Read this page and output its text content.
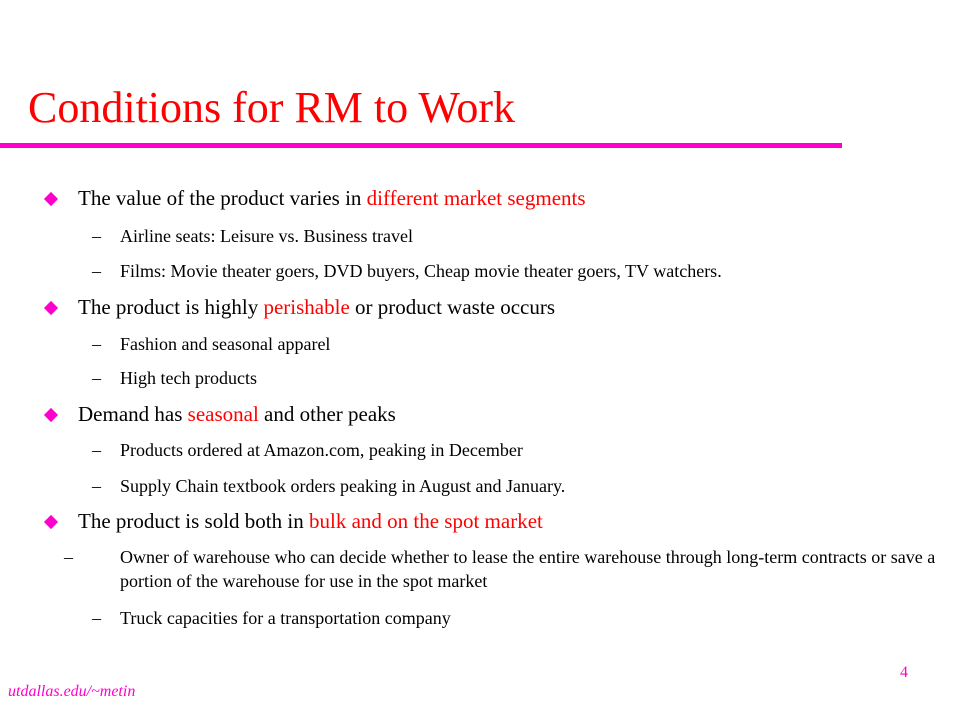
Conditions for RM to Work
The value of the product varies in different market segments
– Airline seats: Leisure vs. Business travel
– Films: Movie theater goers, DVD buyers, Cheap movie theater goers, TV watchers.
The product is highly perishable or product waste occurs
– Fashion and seasonal apparel
– High tech products
Demand has seasonal and other peaks
– Products ordered at Amazon.com, peaking in December
– Supply Chain textbook orders peaking in August and January.
The product is sold both in bulk and on the spot market
–	Owner of warehouse who can decide whether to lease the entire warehouse through long-term contracts or save a portion of the warehouse for use in the spot market
– Truck capacities for a transportation company
4
utdallas.edu/~metin
